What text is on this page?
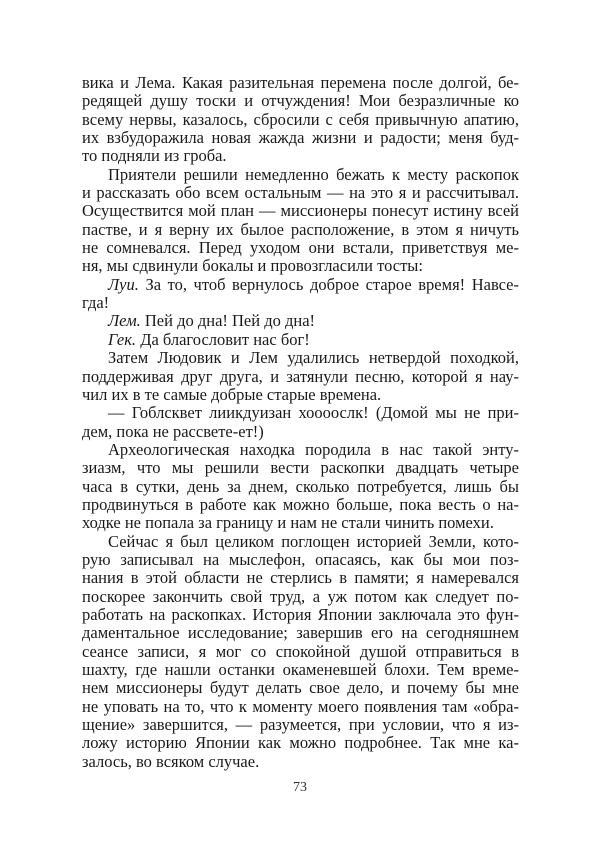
вика и Лема. Какая разительная перемена после долгой, бе-
редящей душу тоски и отчуждения! Мои безразличные ко
всему нервы, казалось, сбросили с себя привычную апатию,
их взбудоражила новая жажда жизни и радости; меня буд-
то подняли из гроба.
Приятели решили немедленно бежать к месту раскопок
и рассказать обо всем остальным — на это я и рассчитывал.
Осуществится мой план — миссионеры понесут истину всей
пастве, и я верну их былое расположение, в этом я ничуть
не сомневался. Перед уходом они встали, приветствуя ме-
ня, мы сдвинули бокалы и провозгласили тосты:
Луи. За то, чтоб вернулось доброе старое время! Навсе-
гда!
Лем. Пей до дна! Пей до дна!
Гек. Да благословит нас бог!
Затем Людовик и Лем удалились нетвердой походкой,
поддерживая друг друга, и затянули песню, которой я нау-
чил их в те самые добрые старые времена.
— Гоблсквет лиикдуизан хоооослк! (Домой мы не при-
дем, пока не рассвете-ет!)
Археологическая находка породила в нас такой энту-
зиазм, что мы решили вести раскопки двадцать четыре
часа в сутки, день за днем, сколько потребуется, лишь бы
продвинуться в работе как можно больше, пока весть о на-
ходке не попала за границу и нам не стали чинить помехи.
Сейчас я был целиком поглощен историей Земли, кото-
рую записывал на мыслефон, опасаясь, как бы мои поз-
нания в этой области не стерлись в памяти; я намеревался
поскорее закончить свой труд, а уж потом как следует по-
работать на раскопках. История Японии заключала это фун-
даментальное исследование; завершив его на сегодняшнем
сеансе записи, я мог со спокойной душой отправиться в
шахту, где нашли останки окаменевшей блохи. Тем време-
нем миссионеры будут делать свое дело, и почему бы мне
не уповать на то, что к моменту моего появления там «обра-
щение» завершится, — разумеется, при условии, что я из-
ложу историю Японии как можно подробнее. Так мне ка-
залось, во всяком случае.
73
